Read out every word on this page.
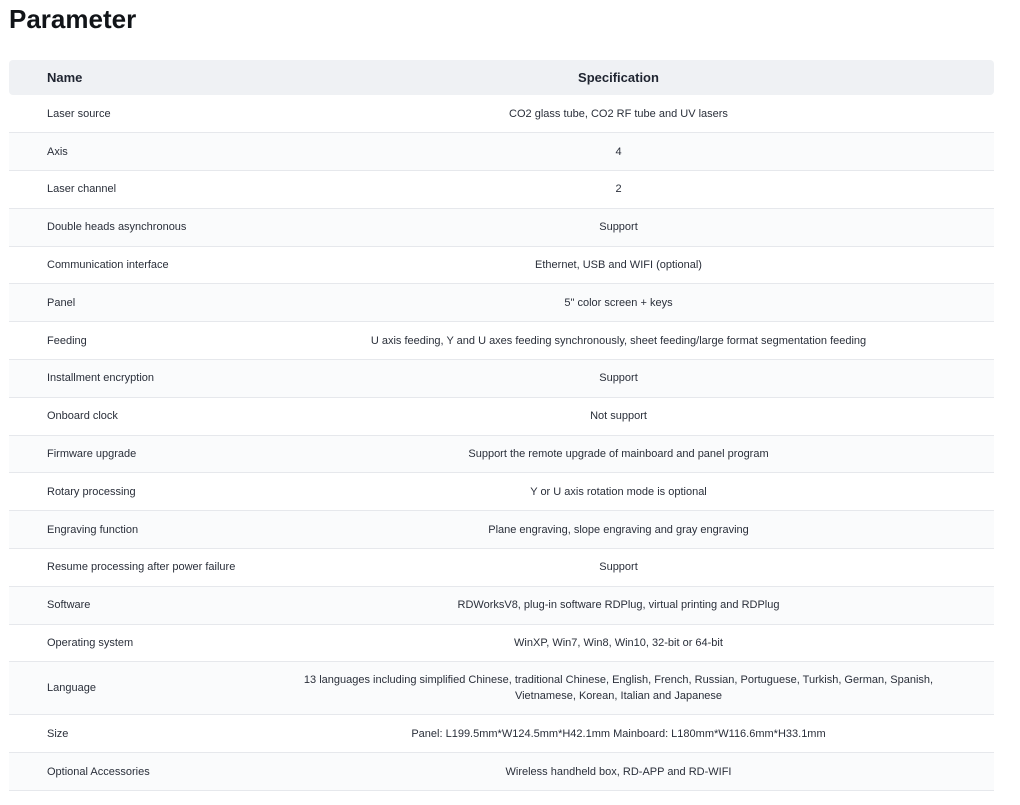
Parameter
Name	Specification
Laser source	CO2 glass tube, CO2 RF tube and UV lasers
Axis	4
Laser channel	2
Double heads asynchronous	Support
Communication interface	Ethernet, USB and WIFI (optional)
Panel	5" color screen + keys
Feeding	U axis feeding, Y and U axes feeding synchronously, sheet feeding/large format segmentation feeding
Installment encryption	Support
Onboard clock	Not support
Firmware upgrade	Support the remote upgrade of mainboard and panel program
Rotary processing	Y or U axis rotation mode is optional
Engraving function	Plane engraving, slope engraving and gray engraving
Resume processing after power failure	Support
Software	RDWorksV8, plug-in software RDPlug, virtual printing and RDPlug
Operating system	WinXP, Win7, Win8, Win10, 32-bit or 64-bit
Language	13 languages including simplified Chinese, traditional Chinese, English, French, Russian, Portuguese, Turkish, German, Spanish, Vietnamese, Korean, Italian and Japanese
Size	Panel: L199.5mm*W124.5mm*H42.1mm Mainboard: L180mm*W116.6mm*H33.1mm
Optional Accessories	Wireless handheld box, RD-APP and RD-WIFI
